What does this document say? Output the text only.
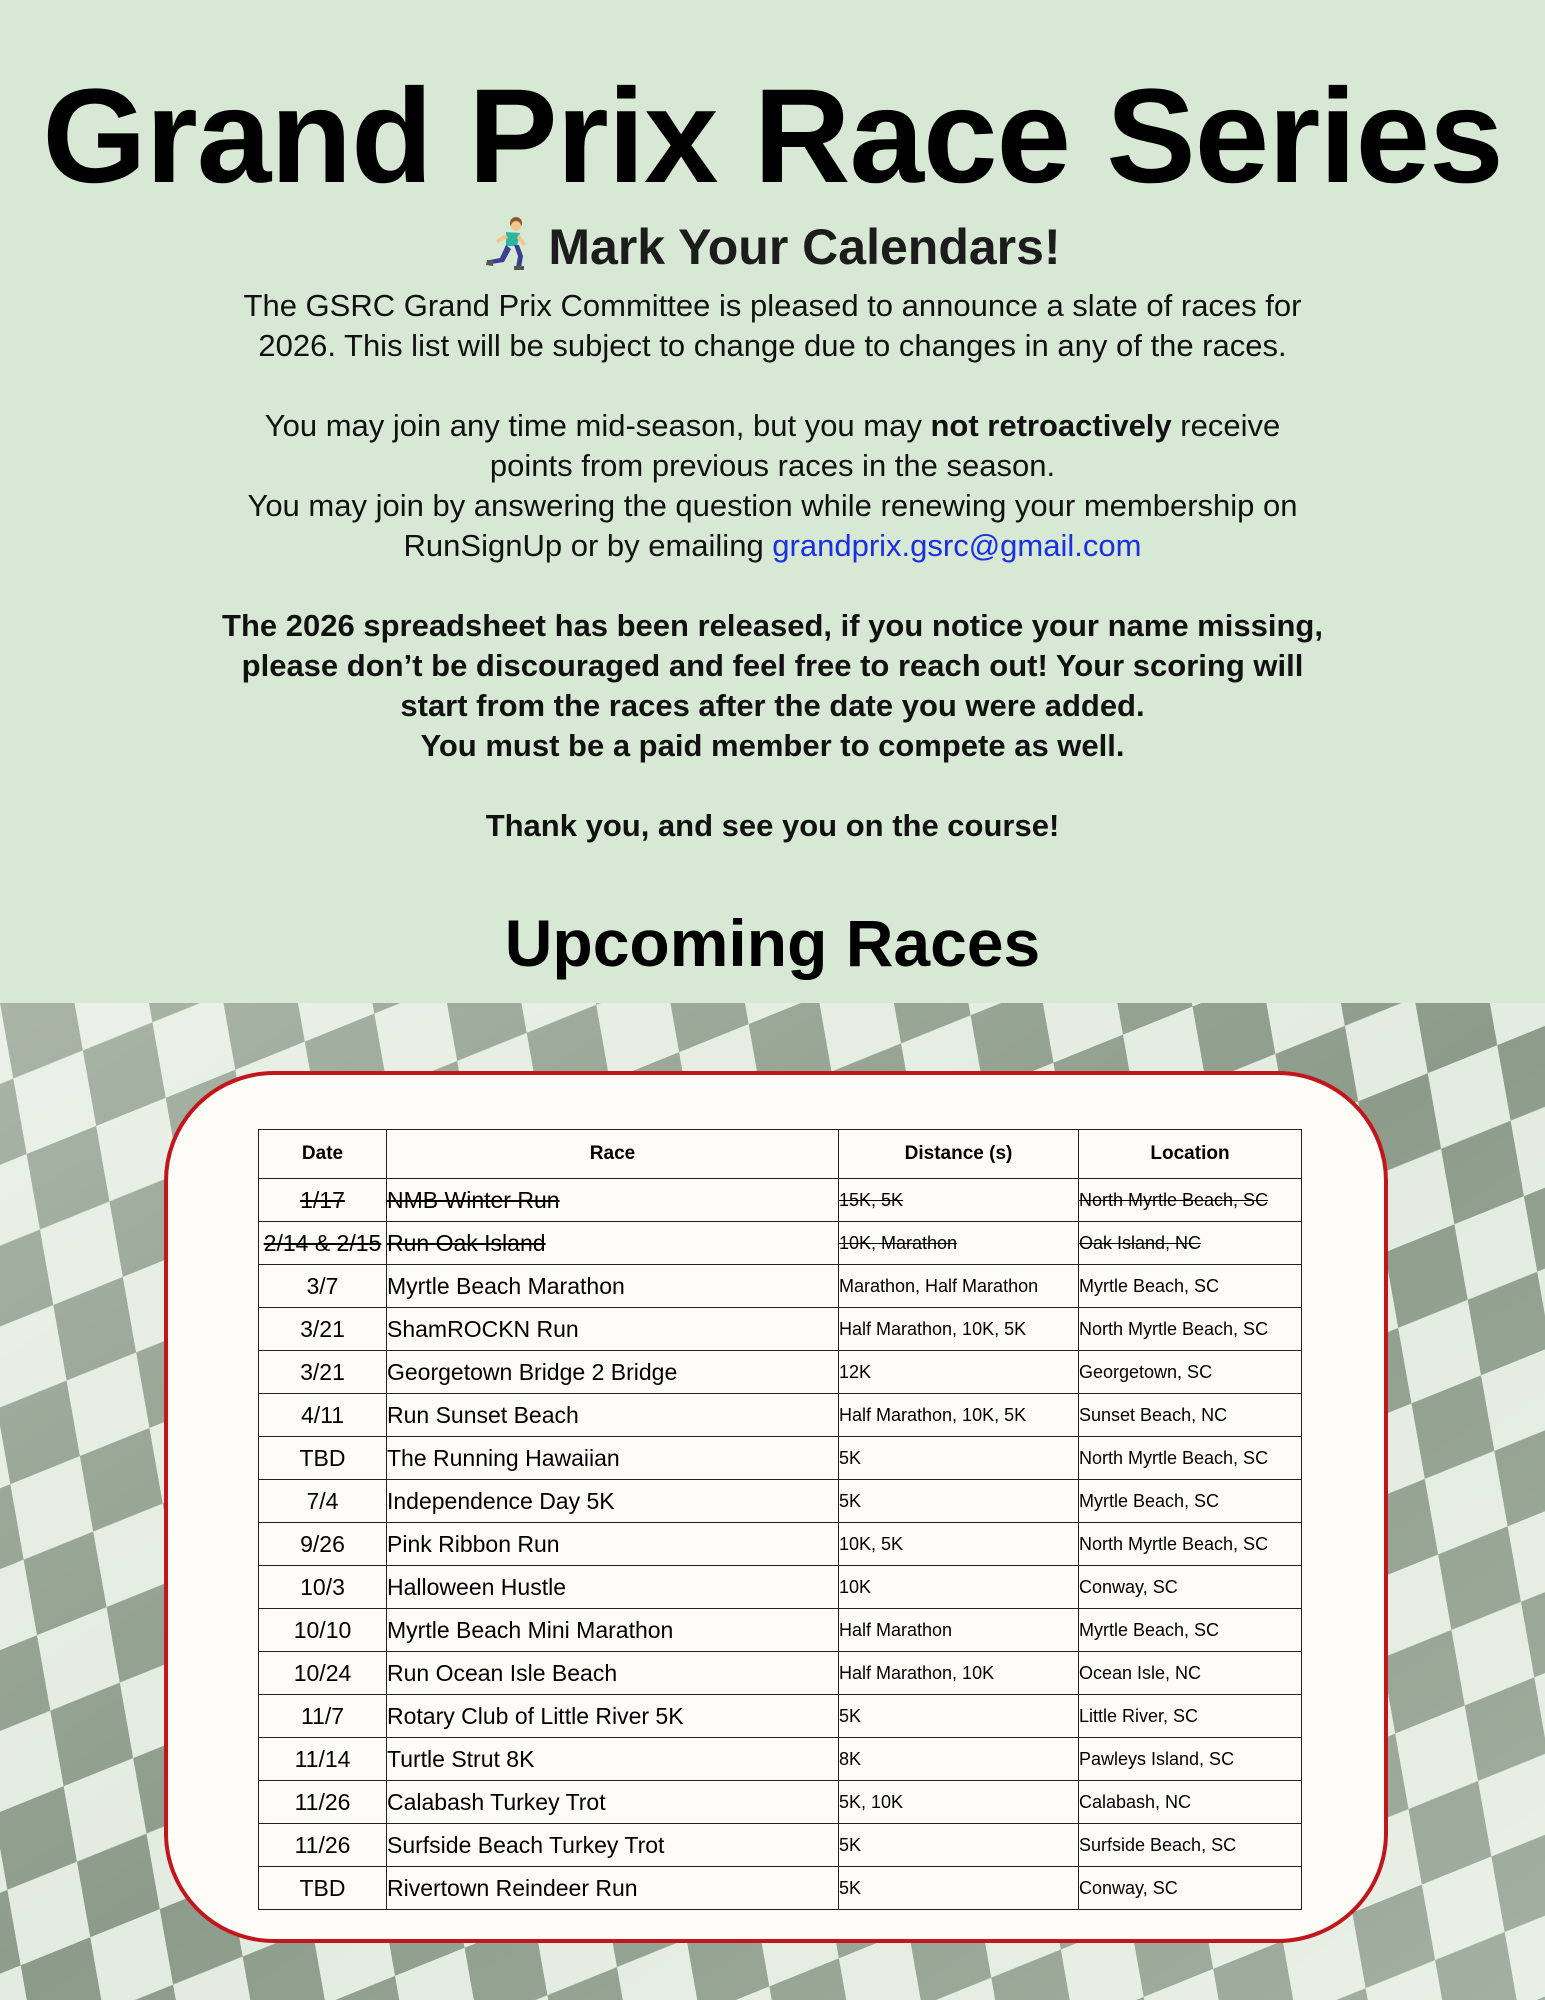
Grand Prix Race Series
Mark Your Calendars!

The GSRC Grand Prix Committee is pleased to announce a slate of races for 2026. This list will be subject to change due to changes in any of the races.

You may join any time mid-season, but you may not retroactively receive points from previous races in the season.

You may join by answering the question while renewing your membership on RunSignUp or by emailing grandprix.gsrc@gmail.com

The 2026 spreadsheet has been released, if you notice your name missing, please don’t be discouraged and feel free to reach out! Your scoring will start from the races after the date you were added.

You must be a paid member to compete as well.

Thank you, and see you on the course!

Upcoming Races
Date	Race	Distance (s)	Location
1/17	NMB Winter Run	15K, 5K	North Myrtle Beach, SC
2/14 & 2/15	Run Oak Island	10K, Marathon	Oak Island, NC
3/7	Myrtle Beach Marathon	Marathon, Half Marathon	Myrtle Beach, SC
3/21	ShamROCKN Run	Half Marathon, 10K, 5K	North Myrtle Beach, SC
3/21	Georgetown Bridge 2 Bridge	12K	Georgetown, SC
4/11	Run Sunset Beach	Half Marathon, 10K, 5K	Sunset Beach, NC
TBD	The Running Hawaiian	5K	North Myrtle Beach, SC
7/4	Independence Day 5K	5K	Myrtle Beach, SC
9/26	Pink Ribbon Run	10K, 5K	North Myrtle Beach, SC
10/3	Halloween Hustle	10K	Conway, SC
10/10	Myrtle Beach Mini Marathon	Half Marathon	Myrtle Beach, SC
10/24	Run Ocean Isle Beach	Half Marathon, 10K	Ocean Isle, NC
11/7	Rotary Club of Little River 5K	5K	Little River, SC
11/14	Turtle Strut 8K	8K	Pawleys Island, SC
11/26	Calabash Turkey Trot	5K, 10K	Calabash, NC
11/26	Surfside Beach Turkey Trot	5K	Surfside Beach, SC
TBD	Rivertown Reindeer Run	5K	Conway, SC
